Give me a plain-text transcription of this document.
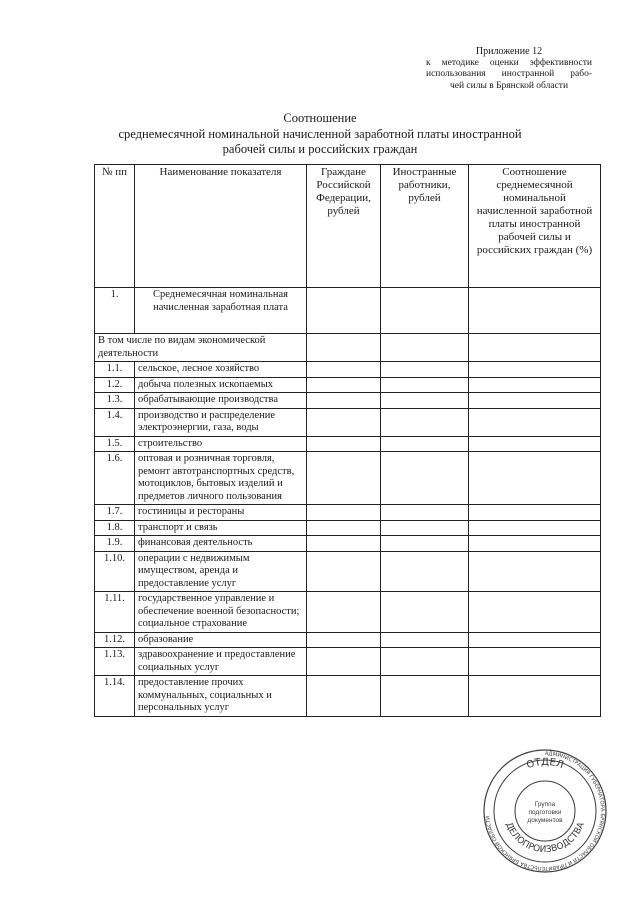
Приложение 12
к методике оценки эффективности
использования иностранной рабо-
чей силы в Брянской области
Соотношение
среднемесячной номинальной начисленной заработной платы иностранной
рабочей силы и российских граждан
№ пп	Наименование показателя	Граждане Российской Федерации, рублей	Иностранные работники, рублей	Соотношение среднемесячной номинальной начисленной заработной платы иностранной рабочей силы и российских граждан (%)
1.	Среднемесячная номинальная начисленная заработная плата			
В том числе по видам экономической деятельности				
1.1.	сельское, лесное хозяйство			
1.2.	добыча полезных ископаемых			
1.3.	обрабатывающие производства			
1.4.	производство и распределение электроэнергии, газа, воды			
1.5.	строительство			
1.6.	оптовая и розничная торговля, ремонт автотранспортных средств, мотоциклов, бытовых изделий и предметов личного пользования			
1.7.	гостиницы и рестораны			
1.8.	транспорт и связь			
1.9.	финансовая деятельность			
1.10.	операции с недвижимым имуществом, аренда и предоставление услуг			
1.11.	государственное управление и обеспечение военной безопасности; социальное страхование			
1.12.	образование			
1.13.	здравоохранение и предоставление социальных услуг			
1.14.	предоставление прочих коммунальных, социальных и персональных услуг			
АДМИНИСТРАЦИЯ ГУБЕРНАТОРА БРЯНСКОЙ ОБЛАСТИ И ПРАВИТЕЛЬСТВА БРЯНСКОЙ ОБЛАСТИ
ОТДЕЛ
ДЕЛОПРОИЗВОДСТВА
Группа
подготовки
документов
